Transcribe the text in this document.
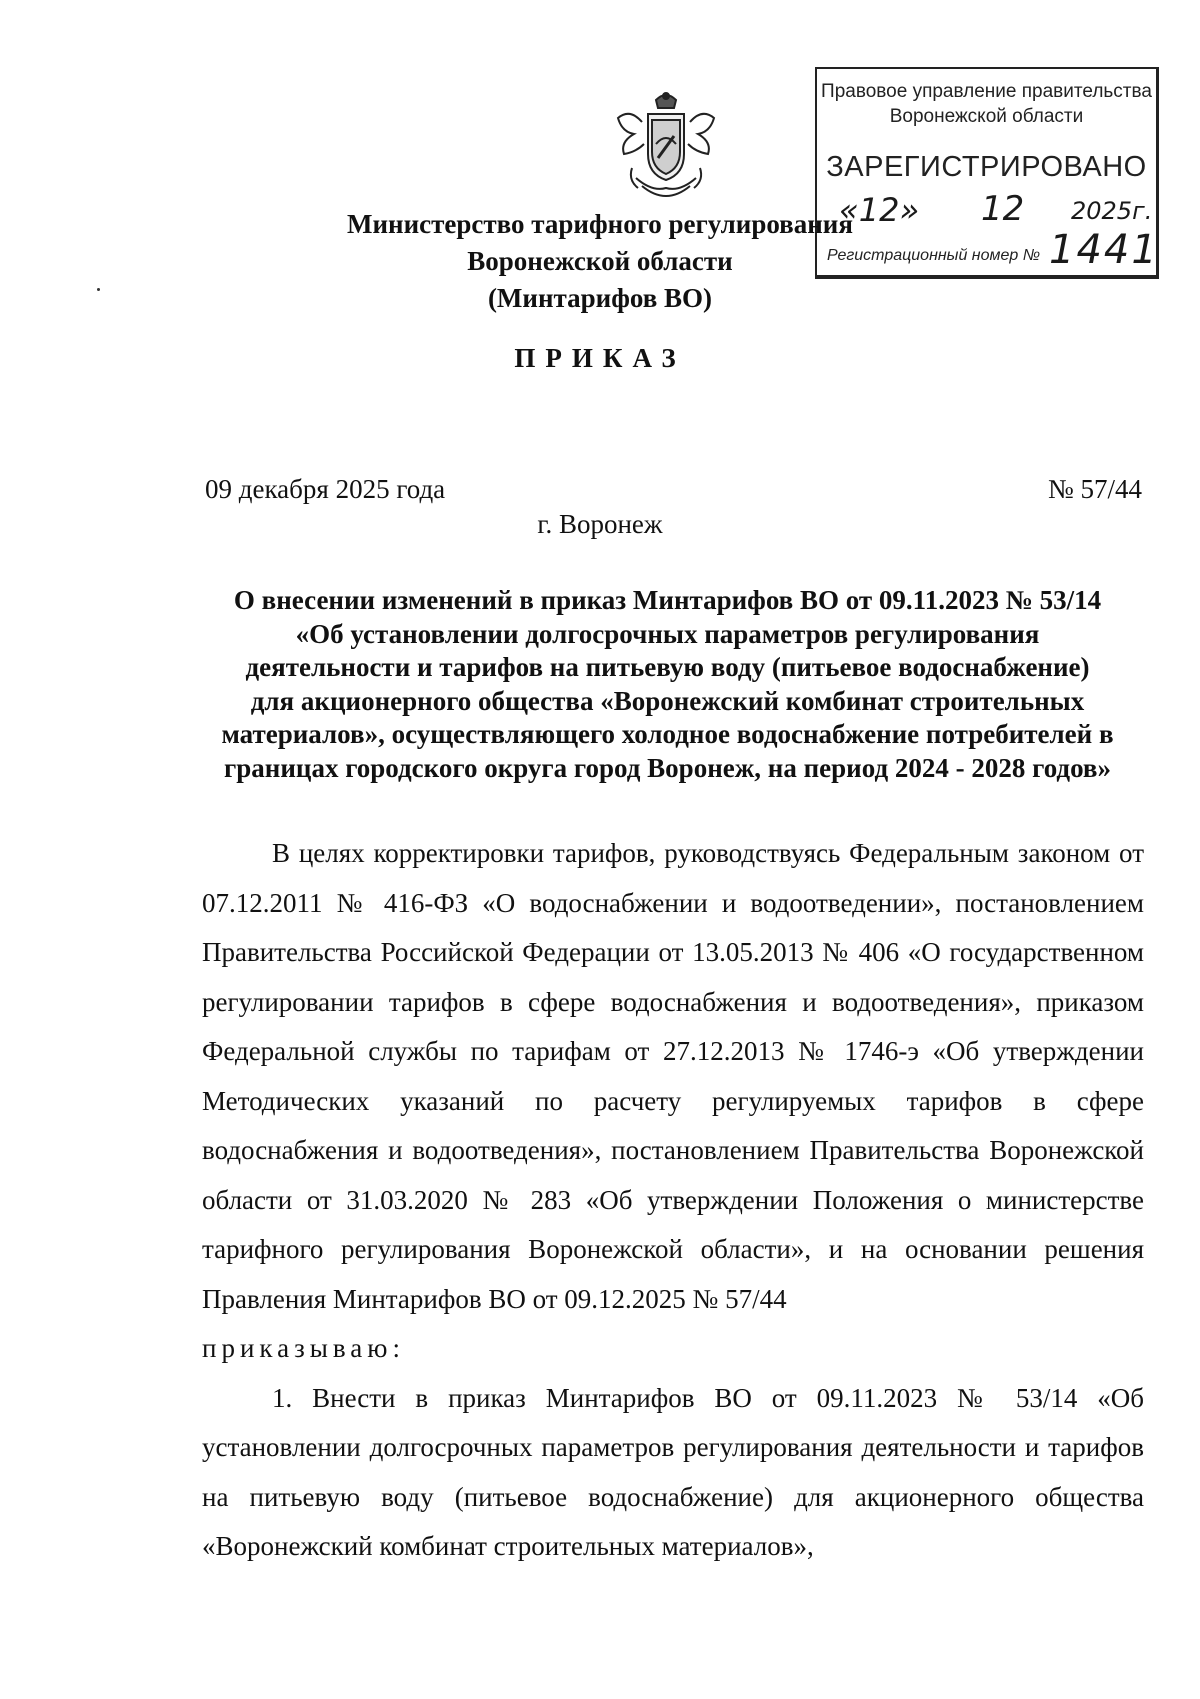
Правовое управление правительства
Воронежской области
ЗАРЕГИСТРИРОВАНО
«12» 12 2025г.
Регистрационный номер № 1441
Министерство тарифного регулирования
Воронежской области
(Минтарифов ВО)
ПРИКАЗ
09 декабря 2025 года	№ 57/44
г. Воронеж
О внесении изменений в приказ Минтарифов ВО от 09.11.2023 № 53/14
«Об установлении долгосрочных параметров регулирования
деятельности и тарифов на питьевую воду (питьевое водоснабжение)
для акционерного общества «Воронежский комбинат строительных
материалов», осуществляющего холодное водоснабжение потребителей в
границах городского округа город Воронеж, на период 2024 - 2028 годов»

В целях корректировки тарифов, руководствуясь Федеральным законом от 07.12.2011 № 416-ФЗ «О водоснабжении и водоотведении», постановлением Правительства Российской Федерации от 13.05.2013 № 406 «О государственном регулировании тарифов в сфере водоснабжения и водоотведения», приказом Федеральной службы по тарифам от 27.12.2013 № 1746-э «Об утверждении Методических указаний по расчету регулируемых тарифов в сфере водоснабжения и водоотведения», постановлением Правительства Воронежской области от 31.03.2020 № 283 «Об утверждении Положения о министерстве тарифного регулирования Воронежской области», и на основании решения Правления Минтарифов ВО от 09.12.2025 № 57/44

приказываю:

1. Внести в приказ Минтарифов ВО от 09.11.2023 № 53/14 «Об установлении долгосрочных параметров регулирования деятельности и тарифов на питьевую воду (питьевое водоснабжение) для акционерного общества «Воронежский комбинат строительных материалов»,
